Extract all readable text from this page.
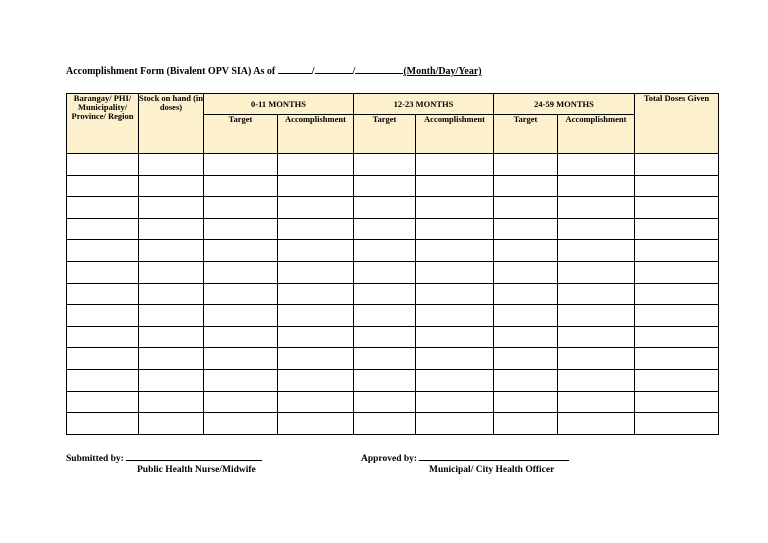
Accomplishment Form (Bivalent OPV SIA) As of	/	/	(Month/Day/Year)
Barangay/ PHI/ Municipality/ Province/ Region	Stock on hand (in doses)	0-11 MONTHS		12-23 MONTHS		24-59 MONTHS		Total Doses Given
		Target	Accomplishment	Target	Accomplishment	Target	Accomplishment	

Submitted by:
Public Health Nurse/Midwife
Approved by:
Municipal/ City Health Officer
